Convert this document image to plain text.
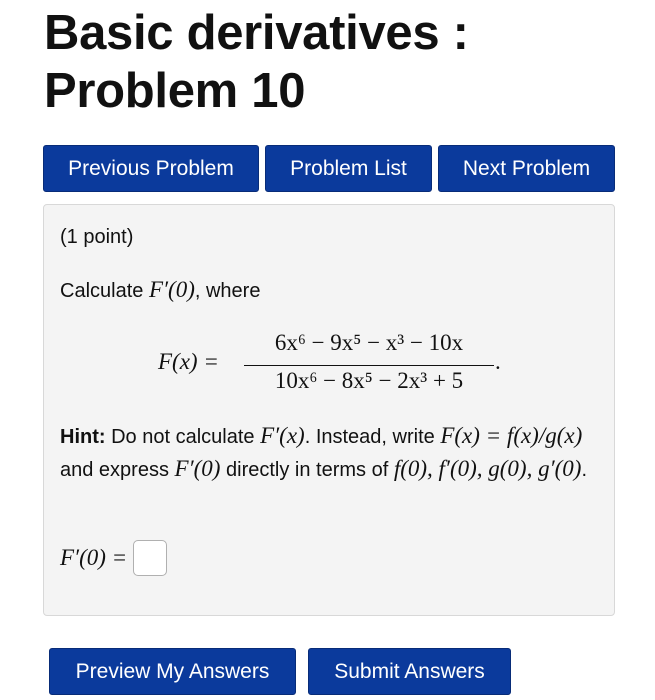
Basic derivatives :
Problem 10
Previous Problem	Problem List	Next Problem
(1 point)
Calculate F′(0), where
F(x) =
6x⁶ − 9x⁵ − x³ − 10x
10x⁶ − 8x⁵ − 2x³ + 5
.
Hint: Do not calculate F′(x). Instead, write F(x) = f(x)/g(x) and express F′(0) directly in terms of f(0), f′(0), g(0), g′(0).
F′(0) =
Preview My Answers	Submit Answers
